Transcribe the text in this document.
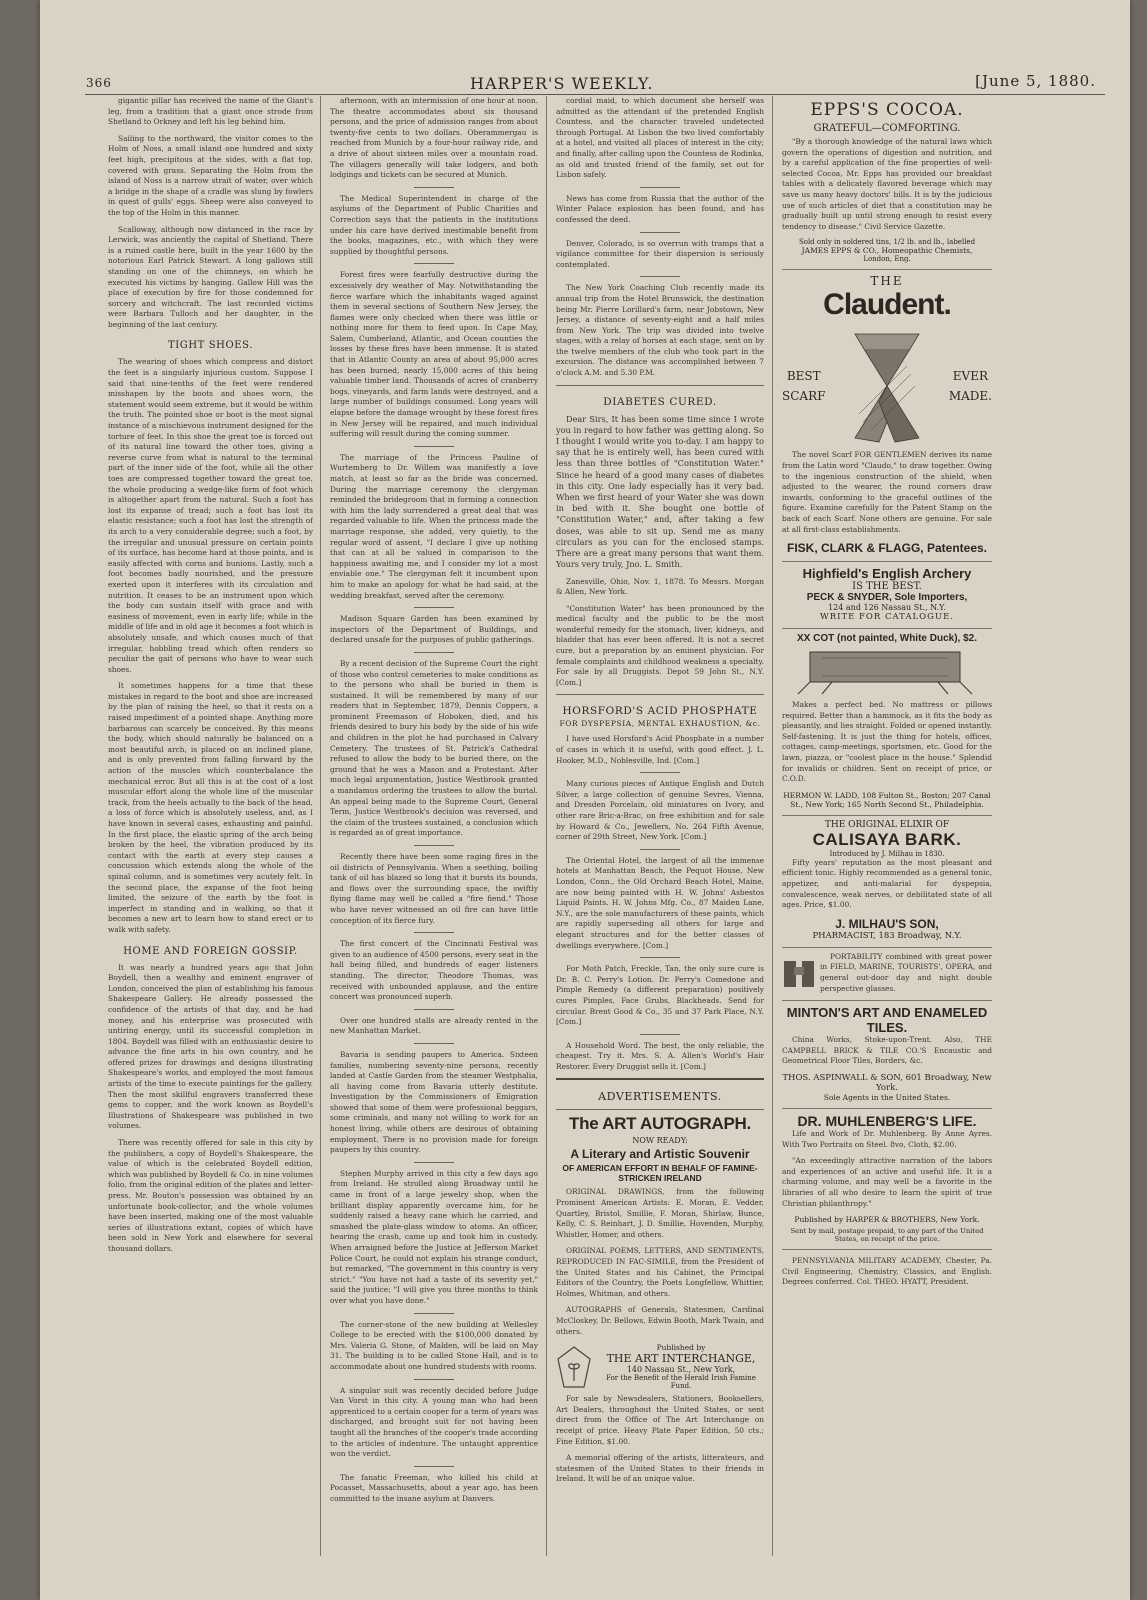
366	HARPER'S WEEKLY.	[June 5, 1880.

gigantic pillar has received the name of the Giant's leg, from a tradition that a giant once strode from Shetland to Orkney and left his leg behind him.

Sailing to the northward, the visitor comes to the Holm of Noss, a small island one hundred and sixty feet high, precipitous at the sides, with a flat top, covered with grass. Separating the Holm from the island of Noss is a narrow strait of water, over which a bridge in the shape of a cradle was slung by fowlers in quest of gulls' eggs. Sheep were also conveyed to the top of the Holm in this manner.

Scalloway, although now distanced in the race by Lerwick, was anciently the capital of Shetland. There is a ruined castle here, built in the year 1600 by the notorious Earl Patrick Stewart. A long gallows still standing on one of the chimneys, on which he executed his victims by hanging. Gallow Hill was the place of execution by fire for those condemned for sorcery and witchcraft. The last recorded victims were Barbara Tulloch and her daughter, in the beginning of the last century.

TIGHT SHOES.

The wearing of shoes which compress and distort the feet is a singularly injurious custom. Suppose I said that nine-tenths of the feet were rendered misshapen by the boots and shoes worn, the statement would seem extreme, but it would be within the truth. The pointed shoe or boot is the most signal instance of a mischievous instrument designed for the torture of feet. In this shoe the great toe is forced out of its natural line toward the other toes, giving a reverse curve from what is natural to the terminal part of the inner side of the foot, while all the other toes are compressed together toward the great toe, the whole producing a wedge-like form of foot which is altogether apart from the natural. Such a foot has lost its expanse of tread; such a foot has lost its elastic resistance; such a foot has lost the strength of its arch to a very considerable degree; such a foot, by the irregular and unusual pressure on certain points of its surface, has become hard at those points, and is easily affected with corns and bunions. Lastly, such a foot becomes badly nourished, and the pressure exerted upon it interferes with its circulation and nutrition. It ceases to be an instrument upon which the body can sustain itself with grace and with easiness of movement, even in early life; while in the middle of life and in old age it becomes a foot which is absolutely unsafe, and which causes much of that irregular, hobbling tread which often renders so peculiar the gait of persons who have to wear such shoes.

It sometimes happens for a time that these mistakes in regard to the boot and shoe are increased by the plan of raising the heel, so that it rests on a raised impediment of a pointed shape. Anything more barbarous can scarcely be conceived. By this means the body, which should naturally be balanced on a most beautiful arch, is placed on an inclined plane, and is only prevented from falling forward by the action of the muscles which counterbalance the mechanical error. But all this is at the cost of a lost muscular effort along the whole line of the muscular track, from the heels actually to the back of the head, a loss of force which is absolutely useless, and, as I have known in several cases, exhausting and painful. In the first place, the elastic spring of the arch being broken by the heel, the vibration produced by its contact with the earth at every step causes a concussion which extends along the whole of the spinal column, and is sometimes very acutely felt. In the second place, the expanse of the foot being limited, the seizure of the earth by the foot is imperfect in standing and in walking, so that it becomes a new art to learn how to stand erect or to walk with safety.

HOME AND FOREIGN GOSSIP.

It was nearly a hundred years ago that John Boydell, then a wealthy and eminent engraver of London, conceived the plan of establishing his famous Shakespeare Gallery. He already possessed the confidence of the artists of that day, and he had money, and his enterprise was prosecuted with untiring energy, until its successful completion in 1804. Boydell was filled with an enthusiastic desire to advance the fine arts in his own country, and he offered prizes for drawings and designs illustrating Shakespeare's works, and employed the most famous artists of the time to execute paintings for the gallery. Then the most skillful engravers transferred these gems to copper, and the work known as Boydell's Illustrations of Shakespeare was published in two volumes.

There was recently offered for sale in this city by the publishers, a copy of Boydell's Shakespeare, the value of which is the celebrated Boydell edition, which was published by Boydell & Co. in nine volumes folio, from the original edition of the plates and letter-press. Mr. Bouton's possession was obtained by an unfortunate book-collector, and the whole volumes have been inserted, making one of the most valuable series of illustrations extant, copies of which have been sold in New York and elsewhere for several thousand dollars.

afternoon, with an intermission of one hour at noon. The theatre accommodates about six thousand persons, and the price of admission ranges from about twenty-five cents to two dollars. Oberammergau is reached from Munich by a four-hour railway ride, and a drive of about sixteen miles over a mountain road. The villagers generally will take lodgers, and both lodgings and tickets can be secured at Munich.

The Medical Superintendent in charge of the asylums of the Department of Public Charities and Correction says that the patients in the institutions under his care have derived inestimable benefit from the books, magazines, etc., with which they were supplied by thoughtful persons.

Forest fires were fearfully destructive during the excessively dry weather of May. Notwithstanding the fierce warfare which the inhabitants waged against them in several sections of Southern New Jersey, the flames were only checked when there was little or nothing more for them to feed upon. In Cape May, Salem, Cumberland, Atlantic, and Ocean counties the losses by these fires have been immense. It is stated that in Atlantic County an area of about 95,000 acres has been burned, nearly 15,000 acres of this being valuable timber land. Thousands of acres of cranberry bogs, vineyards, and farm lands were destroyed, and a large number of buildings consumed. Long years will elapse before the damage wrought by these forest fires in New Jersey will be repaired, and much individual suffering will result during the coming summer.

The marriage of the Princess Pauline of Wurtemberg to Dr. Willem was manifestly a love match, at least so far as the bride was concerned. During the marriage ceremony the clergyman reminded the bridegroom that in forming a connection with him the lady surrendered a great deal that was regarded valuable to life. When the princess made the marriage response, she added, very quietly, to the regular word of assent, "I declare I give up nothing that can at all be valued in comparison to the happiness awaiting me, and I consider my lot a most enviable one." The clergyman felt it incumbent upon him to make an apology for what he had said, at the wedding breakfast, served after the ceremony.

Madison Square Garden has been examined by inspectors of the Department of Buildings, and declared unsafe for the purposes of public gatherings.

By a recent decision of the Supreme Court the right of those who control cemeteries to make conditions as to the persons who shall be buried in them is sustained. It will be remembered by many of our readers that in September, 1879, Dennis Coppers, a prominent Freemason of Hoboken, died, and his friends desired to bury his body by the side of his wife and children in the plot he had purchased in Calvary Cemetery. The trustees of St. Patrick's Cathedral refused to allow the body to be buried there, on the ground that he was a Mason and a Protestant. After much legal argumentation, Justice Westbrook granted a mandamus ordering the trustees to allow the burial. An appeal being made to the Supreme Court, General Term, Justice Westbrook's decision was reversed, and the claim of the trustees sustained, a conclusion which is regarded as of great importance.

Recently there have been some raging fires in the oil districts of Pennsylvania. When a seething, boiling tank of oil has blazed so long that it bursts its bounds, and flows over the surrounding space, the swiftly flying flame may well be called a "fire fiend." Those who have never witnessed an oil fire can have little conception of its fierce fury.

The first concert of the Cincinnati Festival was given to an audience of 4500 persons, every seat in the hall being filled, and hundreds of eager listeners standing. The director, Theodore Thomas, was received with unbounded applause, and the entire concert was pronounced superb.

Over one hundred stalls are already rented in the new Manhattan Market.

Bavaria is sending paupers to America. Sixteen families, numbering seventy-nine persons, recently landed at Castle Garden from the steamer Westphalia, all having come from Bavaria utterly destitute. Investigation by the Commissioners of Emigration showed that some of them were professional beggars, some criminals, and many not willing to work for an honest living, while others are desirous of obtaining employment. There is no provision made for foreign paupers by this country.

Stephen Murphy arrived in this city a few days ago from Ireland. He strolled along Broadway until he came in front of a large jewelry shop, when the brilliant display apparently overcame him, for he suddenly raised a heavy cane which he carried, and smashed the plate-glass window to atoms. An officer, hearing the crash, came up and took him in custody. When arraigned before the Justice at Jefferson Market Police Court, he could not explain his strange conduct, but remarked, "The government in this country is very strict." "You have not had a taste of its severity yet," said the justice; "I will give you three months to think over what you have done."

The corner-stone of the new building at Wellesley College to be erected with the $100,000 donated by Mrs. Valeria G. Stone, of Malden, will be laid on May 31. The building is to be called Stone Hall, and is to accommodate about one hundred students with rooms.

A singular suit was recently decided before Judge Van Vorst in this city. A young man who had been apprenticed to a certain cooper for a term of years was discharged, and brought suit for not having been taught all the branches of the cooper's trade according to the articles of indenture. The untaught apprentice won the verdict.

The fanatic Freeman, who killed his child at Pocasset, Massachusetts, about a year ago, has been committed to the insane asylum at Danvers.

cordial maid, to which document she herself was admitted as the attendant of the pretended English Countess, and the character traveled undetected through Portugal. At Lisbon the two lived comfortably at a hotel, and visited all places of interest in the city; and finally, after calling upon the Countess de Rodinka, as old and trusted friend of the family, set out for Lisbon safely.

News has come from Russia that the author of the Winter Palace explosion has been found, and has confessed the deed.

Denver, Colorado, is so overrun with tramps that a vigilance committee for their dispersion is seriously contemplated.

The New York Coaching Club recently made its annual trip from the Hotel Brunswick, the destination being Mr. Pierre Lorillard's farm, near Jobstown, New Jersey, a distance of seventy-eight and a half miles from New York. The trip was divided into twelve stages, with a relay of horses at each stage, sent on by the twelve members of the club who took part in the excursion. The distance was accomplished between 7 o'clock A.M. and 5.30 P.M.

DIABETES CURED.

Dear Sirs, It has been some time since I wrote you in regard to how father was getting along. So I thought I would write you to-day. I am happy to say that he is entirely well, has been cured with less than three bottles of "Constitution Water." Since he heard of a good many cases of diabetes in this city. One lady especially has it very bad. When we first heard of your Water she was down in bed with it. She bought one bottle of "Constitution Water," and, after taking a few doses, was able to sit up. Send me as many circulars as you can for the enclosed stamps. There are a great many persons that want them. Yours very truly, Jno. L. Smith.

Zanesville, Ohio, Nov. 1, 1878. To Messrs. Morgan & Allen, New York.

"Constitution Water" has been pronounced by the medical faculty and the public to be the most wonderful remedy for the stomach, liver, kidneys, and bladder that has ever been offered. It is not a secret cure, but a preparation by an eminent physician. For female complaints and childhood weakness a specialty. For sale by all Druggists. Depot 59 John St., N.Y. [Com.]

HORSFORD'S ACID PHOSPHATE
FOR DYSPEPSIA, MENTAL EXHAUSTION, &c.

I have used Horsford's Acid Phosphate in a number of cases in which it is useful, with good effect. J. L. Hooker, M.D., Noblesville, Ind. [Com.]

Many curious pieces of Antique English and Dutch Silver, a large collection of genuine Sevres, Vienna, and Dresden Porcelain, old miniatures on Ivory, and other rare Bric-a-Brac, on free exhibition and for sale by Howard & Co., Jewellers, No. 264 Fifth Avenue, corner of 29th Street, New York. [Com.]

The Oriental Hotel, the largest of all the immense hotels at Manhattan Beach, the Pequot House, New London, Conn., the Old Orchard Beach Hotel, Maine, are now being painted with H. W. Johns' Asbestos Liquid Paints. H. W. Johns Mfg. Co., 87 Maiden Lane, N.Y., are the sole manufacturers of these paints, which are rapidly superseding all others for large and elegant structures and for the better classes of dwellings everywhere. [Com.]

For Moth Patch, Freckle, Tan, the only sure cure is Dr. B. C. Perry's Lotion. Dr. Perry's Comedone and Pimple Remedy (a different preparation) positively cures Pimples, Face Grubs, Blackheads. Send for circular. Brent Good & Co., 35 and 37 Park Place, N.Y. [Com.]

A Household Word. The best, the only reliable, the cheapest. Try it. Mrs. S. A. Allen's World's Hair Restorer. Every Druggist sells it. [Com.]

ADVERTISEMENTS.
The ART AUTOGRAPH.
NOW READY:
A Literary and Artistic Souvenir
OF AMERICAN EFFORT IN BEHALF OF FAMINE-STRICKEN IRELAND

ORIGINAL DRAWINGS, from the following Prominent American Artists: E. Moran, E. Vedder, Quartley, Bristol, Smillie, F. Moran, Shirlaw, Bunce, Kelly, C. S. Reinhart, J. D. Smillie, Hovenden, Murphy, Whistler, Homer, and others.

ORIGINAL POEMS, LETTERS, AND SENTIMENTS, REPRODUCED IN FAC-SIMILE, from the President of the United States and his Cabinet, the Principal Editors of the Country, the Poets Longfellow, Whittier, Holmes, Whitman, and others.

AUTOGRAPHS of Generals, Statesmen, Cardinal McCloskey, Dr. Bellows, Edwin Booth, Mark Twain, and others.

Published by
THE ART INTERCHANGE,
140 Nassau St., New York,
For the Benefit of the Herald Irish Famine Fund.

For sale by Newsdealers, Stationers, Booksellers, Art Dealers, throughout the United States, or sent direct from the Office of The Art Interchange on receipt of price. Heavy Plate Paper Edition, 50 cts.; Fine Edition, $1.00.

A memorial offering of the artists, litterateurs, and statesmen of the United States to their friends in Ireland. It will be of an unique value.

EPPS'S COCOA.
GRATEFUL—COMFORTING.

"By a thorough knowledge of the natural laws which govern the operations of digestion and nutrition, and by a careful application of the fine properties of well-selected Cocoa, Mr. Epps has provided our breakfast tables with a delicately flavored beverage which may save us many heavy doctors' bills. It is by the judicious use of such articles of diet that a constitution may be gradually built up until strong enough to resist every tendency to disease." Civil Service Gazette.

Sold only in soldered tins, 1/2 lb. and lb., labelled
JAMES EPPS & CO., Homeopathic Chemists,
London, Eng.
THE
Claudent.
BEST
SCARF
EVER
MADE.

The novel Scarf FOR GENTLEMEN derives its name from the Latin word "Claudo," to draw together. Owing to the ingenious construction of the shield, when adjusted to the wearer, the round corners draw inwards, conforming to the graceful outlines of the figure. Examine carefully for the Patent Stamp on the back of each Scarf. None others are genuine. For sale at all first-class establishments.

FISK, CLARK & FLAGG, Patentees.
Highfield's English Archery
IS THE BEST.
PECK & SNYDER, Sole Importers,
124 and 126 Nassau St., N.Y.
WRITE FOR CATALOGUE.
XX COT (not painted, White Duck), $2.

Makes a perfect bed. No mattress or pillows required. Better than a hammock, as it fits the body as pleasantly, and lies straight. Folded or opened instantly. Self-fastening. It is just the thing for hotels, offices, cottages, camp-meetings, sportsmen, etc. Good for the lawn, piazza, or "coolest place in the house." Splendid for invalids or children. Sent on receipt of price, or C.O.D.

HERMON W. LADD, 108 Fulton St., Boston; 207 Canal St., New York; 165 North Second St., Philadelphia.
THE ORIGINAL ELIXIR OF
CALISAYA BARK.
Introduced by J. Milhau in 1830.

Fifty years' reputation as the most pleasant and efficient tonic. Highly recommended as a general tonic, appetizer, and anti-malarial for dyspepsia, convalescence, weak nerves, or debilitated state of all ages. Price, $1.00.

J. MILHAU'S SON,
PHARMACIST, 183 Broadway, N.Y.

PORTABILITY combined with great power in FIELD, MARINE, TOURISTS', OPERA, and general out-door day and night double perspective glasses.

MINTON'S ART AND ENAMELED TILES.

China Works, Stoke-upon-Trent. Also, THE CAMPBELL BRICK & TILE CO.'S Encaustic and Geometrical Floor Tiles, Borders, &c.

THOS. ASPINWALL & SON, 601 Broadway, New York.
Sole Agents in the United States.
DR. MUHLENBERG'S LIFE.

Life and Work of Dr. Muhlenberg. By Anne Ayres. With Two Portraits on Steel. 8vo, Cloth, $2.00.

"An exceedingly attractive narration of the labors and experiences of an active and useful life. It is a charming volume, and may well be a favorite in the libraries of all who desire to learn the spirit of true Christian philanthropy."

Published by HARPER & BROTHERS, New York.
Sent by mail, postage prepaid, to any part of the United States, on receipt of the price.

PENNSYLVANIA MILITARY ACADEMY, Chester, Pa. Civil Engineering, Chemistry, Classics, and English. Degrees conferred. Col. THEO. HYATT, President.
